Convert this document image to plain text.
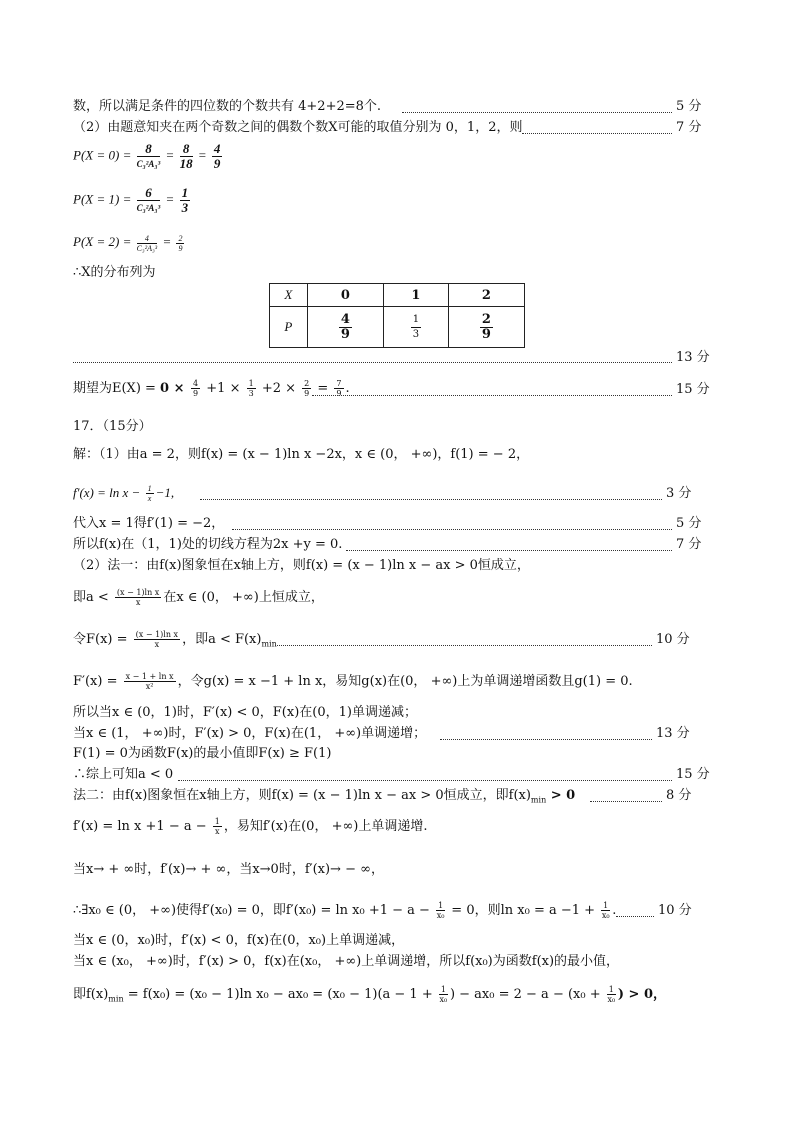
数，所以满足条件的四位数的个数共有 4+2+2=8个.	5 分
（2）由题意知夹在两个奇数之间的偶数个数X可能的取值分别为 0，1，2，则	7 分
$P(X = 0) = \frac{8}{\text{C₃²A₃³}} = \frac{8}{18} = \frac{4}{9}$
$P(X = 1) = \frac{6}{\text{C₃²A₃³}} = \frac{1}{3}$
$P(X = 2) = \frac{4}{\text{C₃²A₃³}} = \frac{2}{9}$
∴X的分布列为
X	0	1	2
P	$\frac{4}{9}$	$\frac{1}{3}$	$\frac{2}{9}$
13 分
期望为$E(X) = 0 \times \frac{4}{9} +1 \times \frac{1}{3} +2 \times \frac{2}{9} = \frac{7}{9}$ .	15 分
17．（15分）
解：（1）由a = 2，则f(x) = (x − 1)ln x −2x，x ∈ (0， +∞)，f(1) = − 2，
$f'(x) = \ln x - \frac{1}{x} -1$,	3 分
代入x = 1得f′(1) = −2，	5 分
所以f(x)在（1，1)处的切线方程为2x +y = 0.	7 分
（2）法一：由f(x)图象恒在x轴上方，则f(x) = (x − 1)ln x − ax > 0恒成立，
即$a < \frac{\text{(x − 1)ln x}}{x}$ 在x ∈ (0， +∞)上恒成立，
令$F(x) = \frac{\text{(x − 1)ln x}}{x}$ ，即$a < F(x)_{min}$	10 分
$F'(x) = \frac{\text{x − 1 + ln x}}{\text{x²}}$ ，令g(x) = x −1 + ln x，易知g(x)在(0， +∞)上为单调递增函数且g(1) = 0.
所以当x ∈ (0，1)时，F′(x) < 0，F(x)在(0，1)单调递减；
当x ∈ (1， +∞)时，F′(x) > 0，F(x)在(1， +∞)单调递增；	13 分
F(1) = 0为函数F(x)的最小值即F(x) ≥ F(1)
∴综上可知a < 0	15 分
法二：由f(x)图象恒在x轴上方，则f(x) = (x − 1)ln x − ax > 0恒成立，即$f(x)_{min} > 0$	8 分
$f'(x) = \ln x +1 - a - \frac{1}{x}$ ，易知f′(x)在(0， +∞)上单调递增.
当x→ + ∞时，f′(x)→ + ∞，当x→0时，f′(x)→ − ∞，
∴∃x₀ ∈ (0， +∞)使得f′(x₀) = 0，即$f'(x_0) = \ln x_0 +1 - a - \frac{1}{\text{x₀}} = 0$，则$\ln x_0 = a -1 + \frac{1}{\text{x₀}}$ .	10 分
当x ∈ (0，x₀)时，f′(x) < 0，f(x)在(0，x₀)上单调递减，
当x ∈ (x₀， +∞)时，f′(x) > 0，f(x)在(x₀， +∞)上单调递增，所以f(x₀)为函数f(x)的最小值，
即$f(x)_{min} = f(x_0) = (x_0 - 1)\ln$ $x_0 - ax_0 = (x_0 - 1)(a - 1 + \frac{1}{\text{x₀}}$ ) − $ax_0 = 2 - a - (x_0 + \frac{1}{\text{x₀}}$ ) > 0，
